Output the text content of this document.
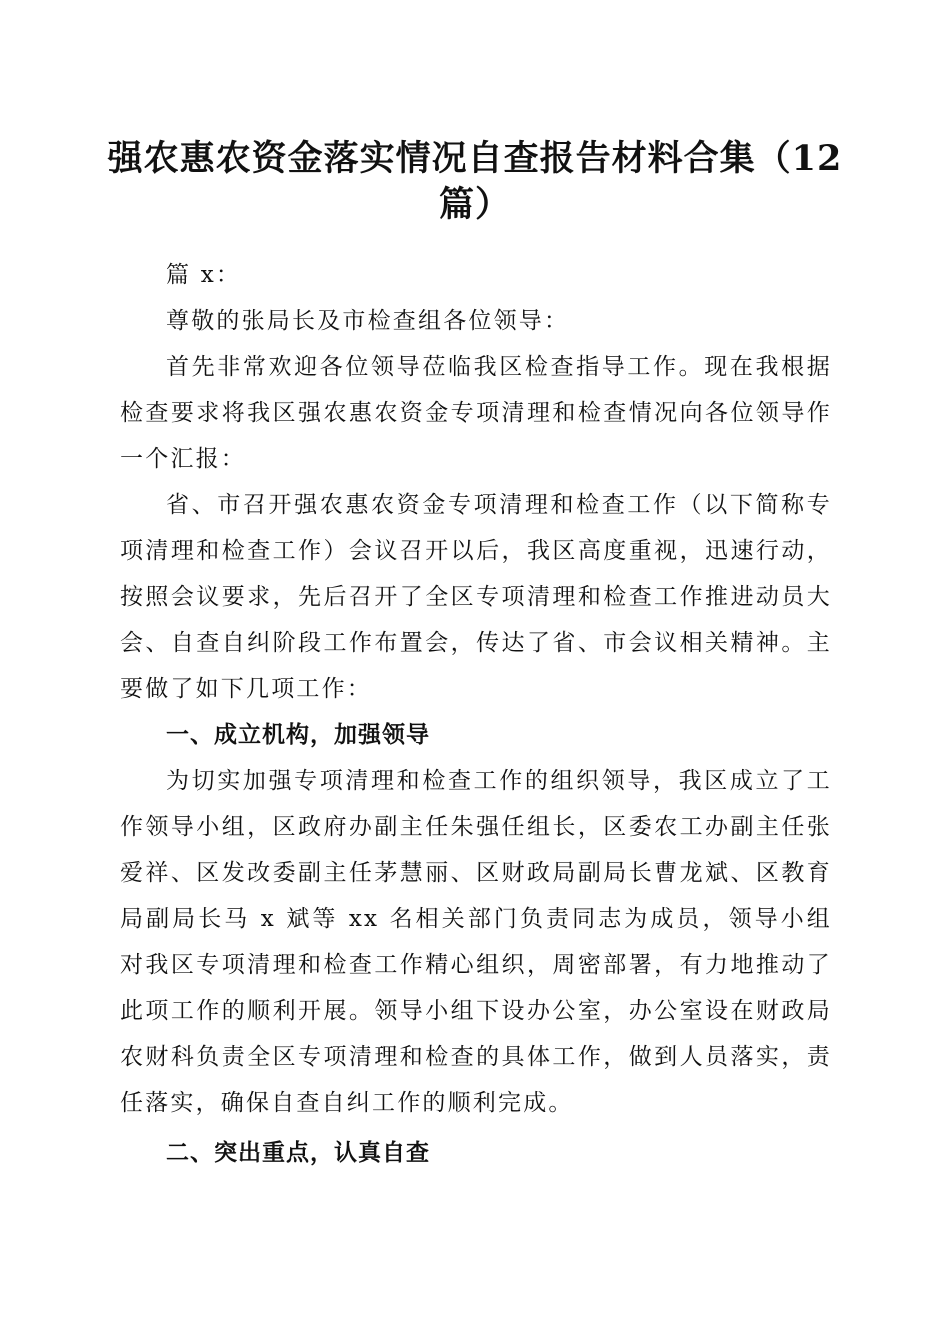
强农惠农资金落实情况自查报告材料合集（12
篇）

篇 x：

尊敬的张局长及市检查组各位领导：

首先非常欢迎各位领导莅临我区检查指导工作。现在我根据检查要求将我区强农惠农资金专项清理和检查情况向各位领导作一个汇报：

省、市召开强农惠农资金专项清理和检查工作（以下简称专项清理和检查工作）会议召开以后，我区高度重视，迅速行动，按照会议要求，先后召开了全区专项清理和检查工作推进动员大会、自查自纠阶段工作布置会，传达了省、市会议相关精神。主要做了如下几项工作：

一、成立机构，加强领导

为切实加强专项清理和检查工作的组织领导，我区成立了工作领导小组，区政府办副主任朱强任组长，区委农工办副主任张爱祥、区发改委副主任茅慧丽、区财政局副局长曹龙斌、区教育局副局长马 x 斌等 xx 名相关部门负责同志为成员，领导小组对我区专项清理和检查工作精心组织，周密部署，有力地推动了此项工作的顺利开展。领导小组下设办公室，办公室设在财政局农财科负责全区专项清理和检查的具体工作，做到人员落实，责任落实，确保自查自纠工作的顺利完成。

二、突出重点，认真自查
